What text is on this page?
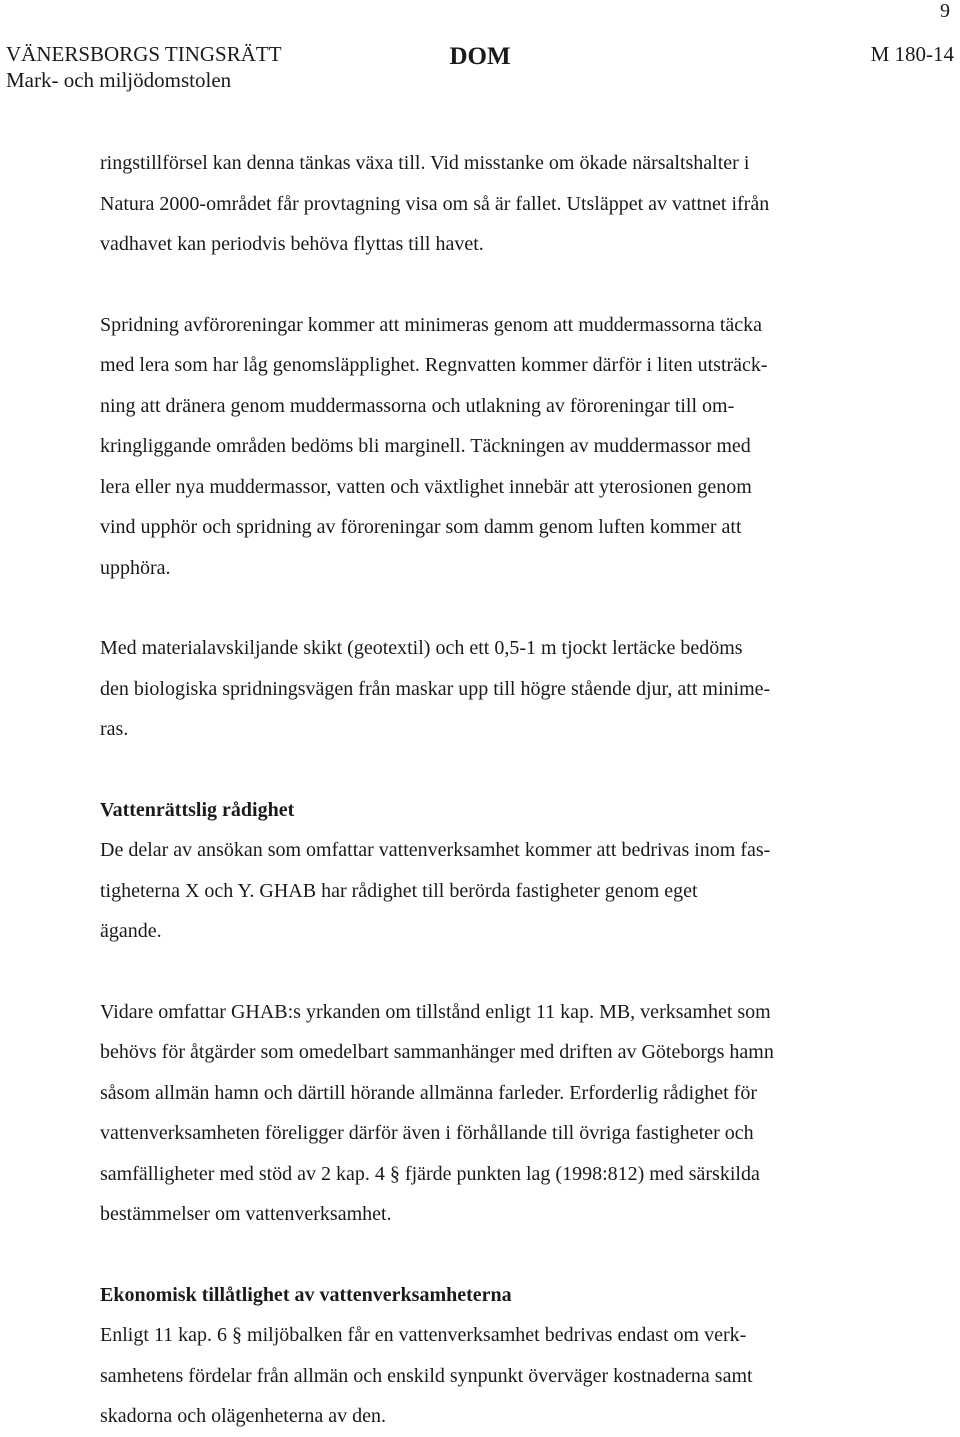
9
VÄNERSBORGS TINGSRÄTT
Mark- och miljödomstolen
DOM	M 180-14

ringstillförsel kan denna tänkas växa till. Vid misstanke om ökade närsaltshalter i
Natura 2000-området får provtagning visa om så är fallet. Utsläppet av vattnet ifrån
vadhavet kan periodvis behöva flyttas till havet.

Spridning avföroreningar kommer att minimeras genom att muddermassorna täcka
med lera som har låg genomsläpplighet. Regnvatten kommer därför i liten utsträck-
ning att dränera genom muddermassorna och utlakning av föroreningar till om-
kringliggande områden bedöms bli marginell. Täckningen av muddermassor med
lera eller nya muddermassor, vatten och växtlighet innebär att yterosionen genom
vind upphör och spridning av föroreningar som damm genom luften kommer att
upphöra.

Med materialavskiljande skikt (geotextil) och ett 0,5-1 m tjockt lertäcke bedöms
den biologiska spridningsvägen från maskar upp till högre stående djur, att minime-
ras.

Vattenrättslig rådighet

De delar av ansökan som omfattar vattenverksamhet kommer att bedrivas inom fas-
tigheterna X och Y. GHAB har rådighet till berörda fastigheter genom eget
ägande.

Vidare omfattar GHAB:s yrkanden om tillstånd enligt 11 kap. MB, verksamhet som
behövs för åtgärder som omedelbart sammanhänger med driften av Göteborgs hamn
såsom allmän hamn och därtill hörande allmänna farleder. Erforderlig rådighet för
vattenverksamheten föreligger därför även i förhållande till övriga fastigheter och
samfälligheter med stöd av 2 kap. 4 § fjärde punkten lag (1998:812) med särskilda
bestämmelser om vattenverksamhet.

Ekonomisk tillåtlighet av vattenverksamheterna

Enligt 11 kap. 6 § miljöbalken får en vattenverksamhet bedrivas endast om verk-
samhetens fördelar från allmän och enskild synpunkt överväger kostnaderna samt
skadorna och olägenheterna av den.
